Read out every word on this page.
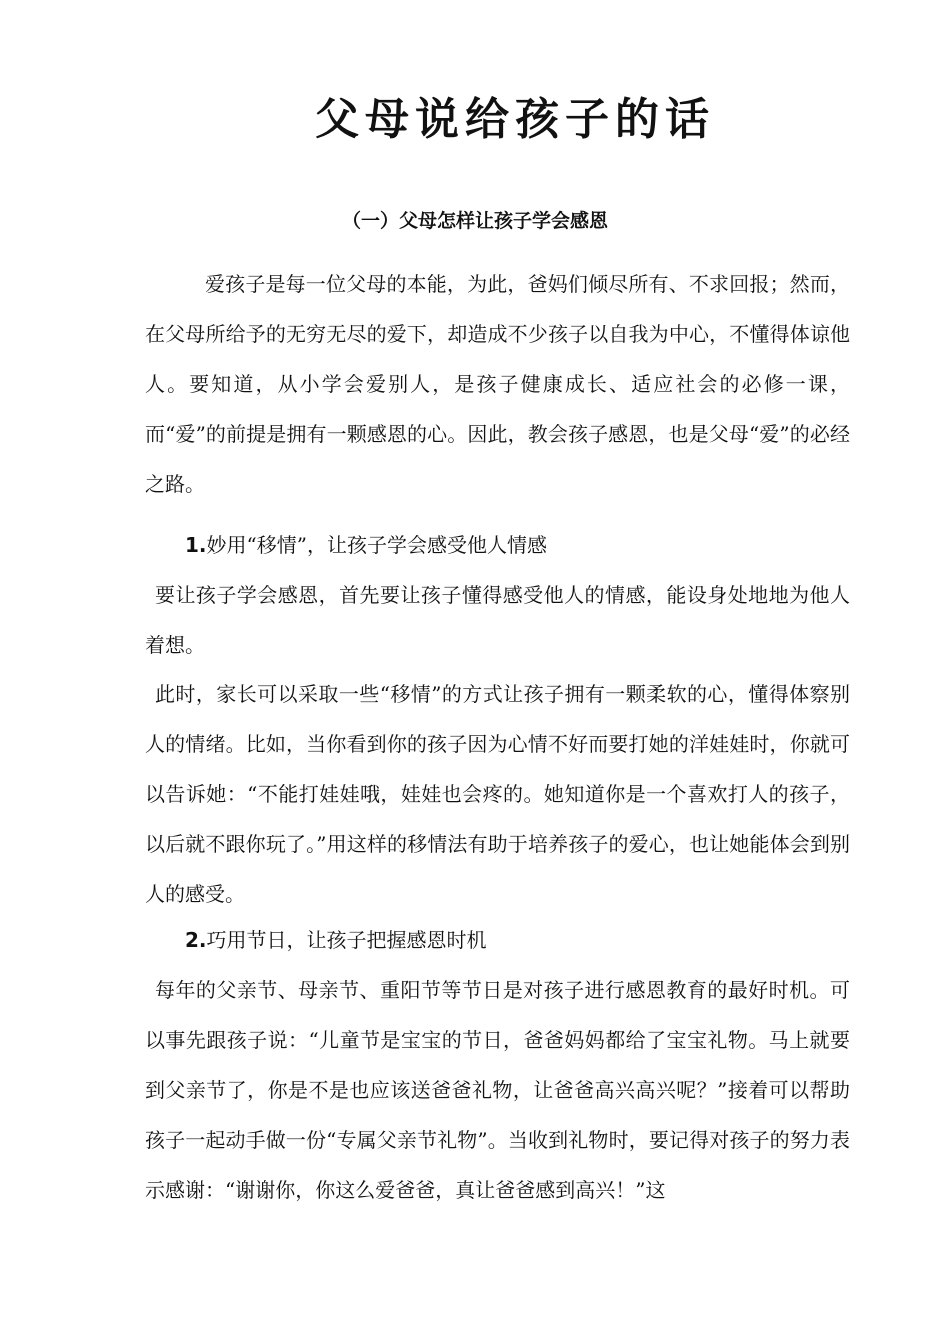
父母说给孩子的话
（一）父母怎样让孩子学会感恩

爱孩子是每一位父母的本能，为此，爸妈们倾尽所有、不求回报；然而，在父母所给予的无穷无尽的爱下，却造成不少孩子以自我为中心，不懂得体谅他人。要知道，从小学会爱别人，是孩子健康成长、适应社会的必修一课，而“爱”的前提是拥有一颗感恩的心。因此，教会孩子感恩，也是父母“爱”的必经之路。

1.妙用“移情”，让孩子学会感受他人情感

要让孩子学会感恩，首先要让孩子懂得感受他人的情感，能设身处地地为他人着想。

此时，家长可以采取一些“移情”的方式让孩子拥有一颗柔软的心，懂得体察别人的情绪。比如，当你看到你的孩子因为心情不好而要打她的洋娃娃时，你就可以告诉她：“不能打娃娃哦，娃娃也会疼的。她知道你是一个喜欢打人的孩子，以后就不跟你玩了。”用这样的移情法有助于培养孩子的爱心，也让她能体会到别人的感受。

2.巧用节日，让孩子把握感恩时机

每年的父亲节、母亲节、重阳节等节日是对孩子进行感恩教育的最好时机。可以事先跟孩子说：“儿童节是宝宝的节日，爸爸妈妈都给了宝宝礼物。马上就要到父亲节了，你是不是也应该送爸爸礼物，让爸爸高兴高兴呢？”接着可以帮助孩子一起动手做一份“专属父亲节礼物”。当收到礼物时，要记得对孩子的努力表示感谢：“谢谢你，你这么爱爸爸，真让爸爸感到高兴！”这
